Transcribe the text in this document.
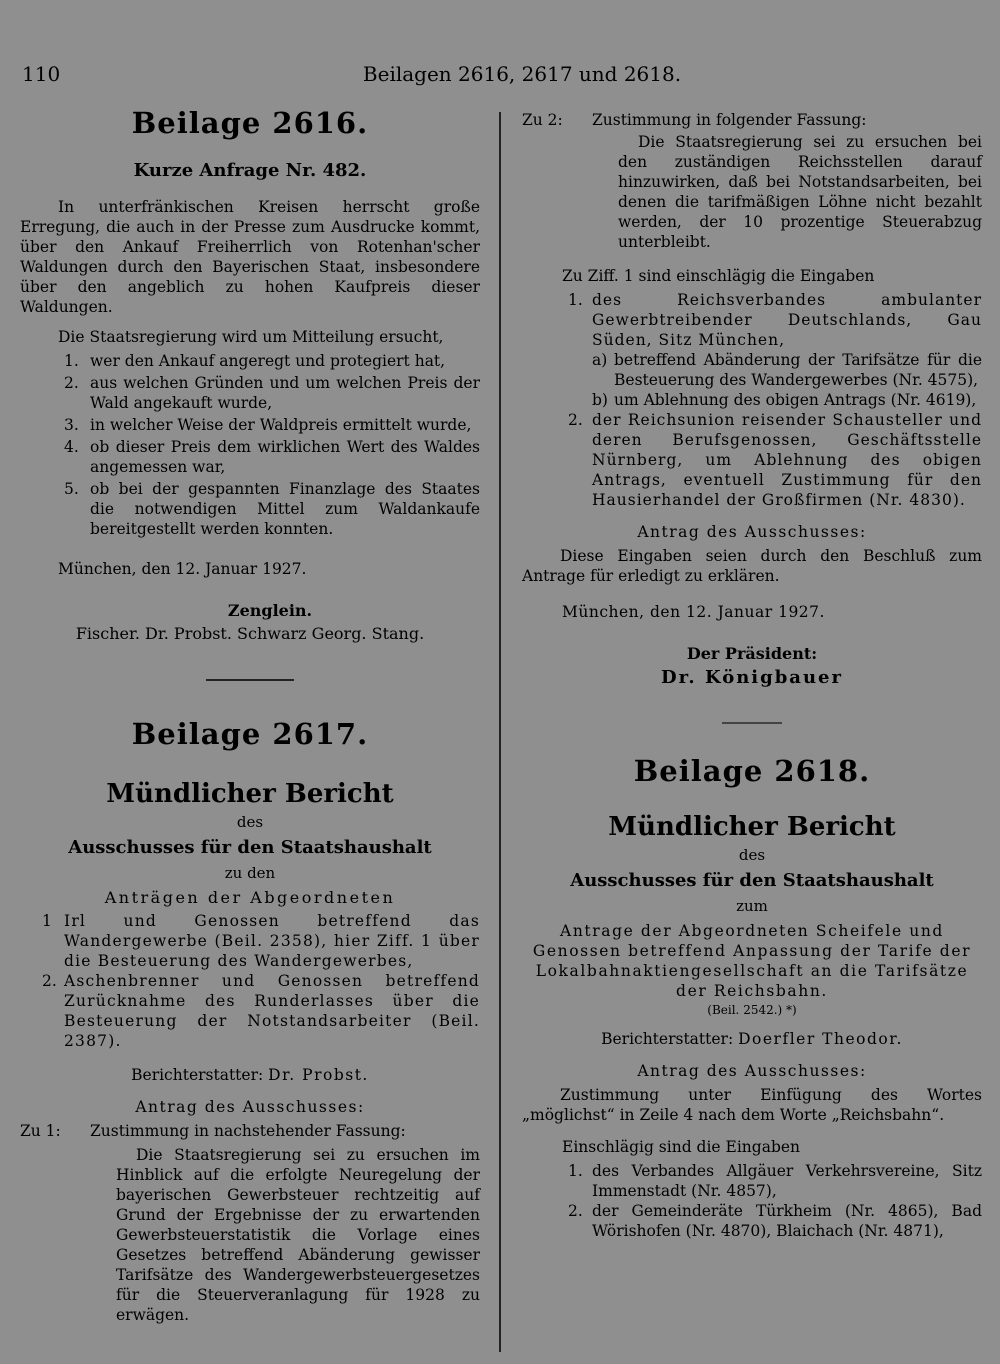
110	Beilagen 2616, 2617 und 2618.
Beilage 2616.
Kurze Anfrage Nr. 482.

In unterfränkischen Kreisen herrscht große Erregung, die auch in der Presse zum Ausdrucke kommt, über den Ankauf Freiherrlich von Rotenhan'scher Waldungen durch den Bayerischen Staat, insbesondere über den angeblich zu hohen Kaufpreis dieser Waldungen.

Die Staatsregierung wird um Mitteilung ersucht,

1. wer den Ankauf angeregt und protegiert hat,
2. aus welchen Gründen und um welchen Preis der Wald angekauft wurde,
3. in welcher Weise der Waldpreis ermittelt wurde,
4. ob dieser Preis dem wirklichen Wert des Waldes angemessen war,
5. ob bei der gespannten Finanzlage des Staates die notwendigen Mittel zum Waldankaufe bereitgestellt werden konnten.

München, den 12. Januar 1927.

Zenglein.

Fischer. Dr. Probst. Schwarz Georg. Stang.

Beilage 2617.
Mündlicher Bericht
des
Ausschusses für den Staatshaushalt
zu den
Anträgen der Abgeordneten
1 Irl und Genossen betreffend das Wandergewerbe (Beil. 2358), hier Ziff. 1 über die Besteuerung des Wandergewerbes,
2. Aschenbrenner und Genossen betreffend Zurücknahme des Runderlasses über die Besteuerung der Notstandsarbeiter (Beil. 2387).

Berichterstatter: Dr. Probst.

Antrag des Ausschusses:

Zu 1: Zustimmung in nachstehender Fassung:

Die Staatsregierung sei zu ersuchen im Hinblick auf die erfolgte Neuregelung der bayerischen Gewerbsteuer rechtzeitig auf Grund der Ergebnisse der zu erwartenden Gewerbsteuerstatistik die Vorlage eines Gesetzes betreffend Abänderung gewisser Tarifsätze des Wandergewerbsteuergesetzes für die Steuerveranlagung für 1928 zu erwägen.

Zu 2: Zustimmung in folgender Fassung:

Die Staatsregierung sei zu ersuchen bei den zuständigen Reichsstellen darauf hinzuwirken, daß bei Notstandsarbeiten, bei denen die tarifmäßigen Löhne nicht bezahlt werden, der 10 prozentige Steuerabzug unterbleibt.

Zu Ziff. 1 sind einschlägig die Eingaben

1. des Reichsverbandes ambulanter Gewerbtreibender Deutschlands, Gau Süden, Sitz München,
a) betreffend Abänderung der Tarifsätze für die Besteuerung des Wandergewerbes (Nr. 4575),
b) um Ablehnung des obigen Antrags (Nr. 4619),
2. der Reichsunion reisender Schausteller und deren Berufsgenossen, Geschäftsstelle Nürnberg, um Ablehnung des obigen Antrags, eventuell Zustimmung für den Hausierhandel der Großfirmen (Nr. 4830).

Antrag des Ausschusses:

Diese Eingaben seien durch den Beschluß zum Antrage für erledigt zu erklären.

München, den 12. Januar 1927.

Der Präsident:

Dr. Königbauer

Beilage 2618.
Mündlicher Bericht
des
Ausschusses für den Staatshaushalt
zum

Antrage der Abgeordneten Scheifele und Genossen betreffend Anpassung der Tarife der Lokalbahnaktiengesellschaft an die Tarifsätze der Reichsbahn.

(Beil. 2542.) *)

Berichterstatter: Doerfler Theodor.

Antrag des Ausschusses:

Zustimmung unter Einfügung des Wortes „möglichst“ in Zeile 4 nach dem Worte „Reichsbahn“.

Einschlägig sind die Eingaben

1. des Verbandes Allgäuer Verkehrsvereine, Sitz Immenstadt (Nr. 4857),
2. der Gemeinderäte Türkheim (Nr. 4865), Bad Wörishofen (Nr. 4870), Blaichach (Nr. 4871),
